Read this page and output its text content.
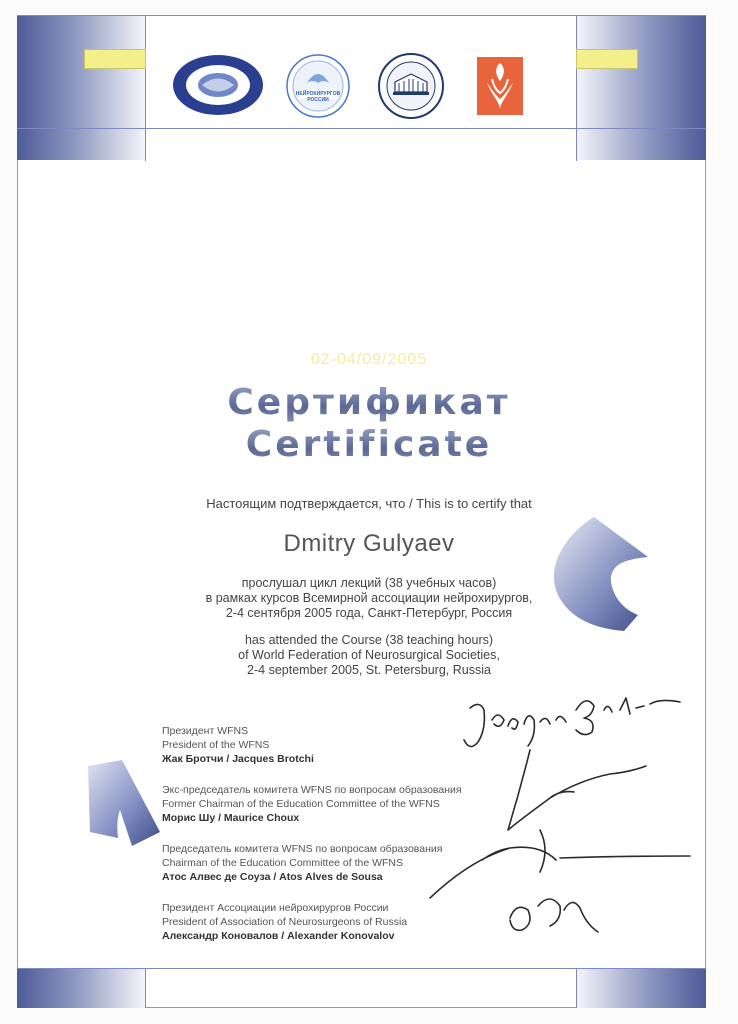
НЕЙРОХИРУРГОВ РОССИИ
02-04/09/2005
Сертификат
Certificate
Настоящим подтверждается, что / This is to certify that
Dmitry Gulyaev
прослушал цикл лекций (38 учебных часов)
в рамках курсов Всемирной ассоциации нейрохирургов,
2-4 сентября 2005 года, Санкт-Петербург, Россия
has attended the Course (38 teaching hours)
of World Federation of Neurosurgical Societies,
2-4 september 2005, St. Petersburg, Russia
Президент WFNS
President of the WFNS
Жак Бротчи / Jacques Brotchi
Экс-председатель комитета WFNS по вопросам образования
Former Chairman of the Education Committee of the WFNS
Морис Шу / Maurice Choux
Председатель комитета WFNS по вопросам образования
Chairman of the Education Committee of the WFNS
Атос Алвес де Соуза / Atos Alves de Sousa
Президент Ассоциации нейрохирургов России
President of Association of Neurosurgeons of Russia
Александр Коновалов / Alexander Konovalov
